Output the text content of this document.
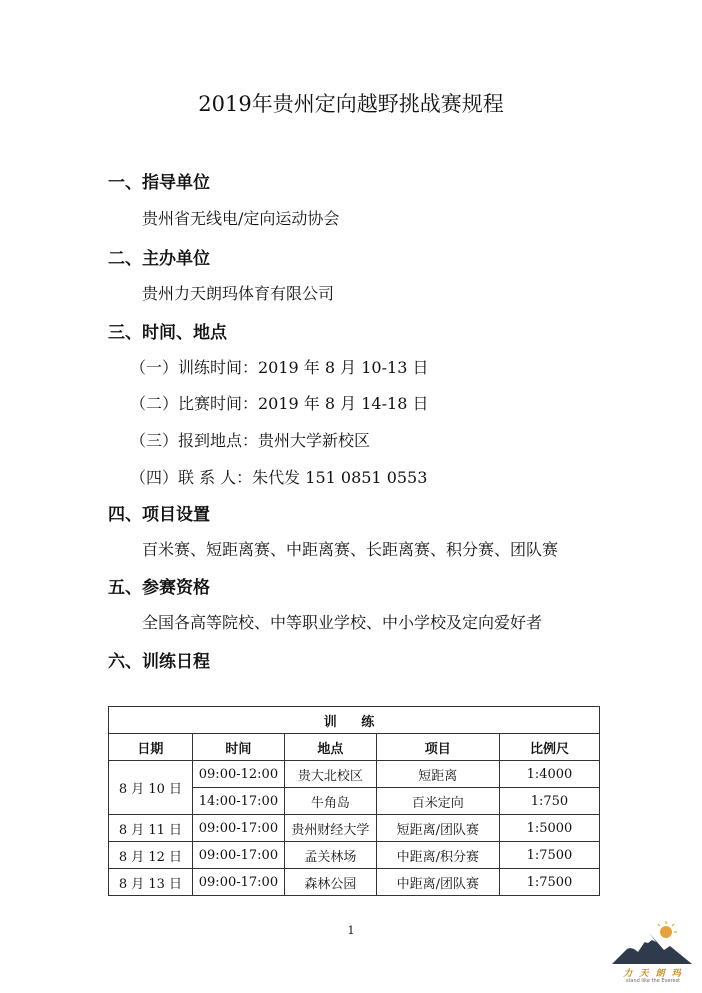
2019年贵州定向越野挑战赛规程
一、指导单位
贵州省无线电/定向运动协会
二、主办单位
贵州力天朗玛体育有限公司
三、时间、地点
（一）训练时间：2019 年 8 月 10-13 日
（二）比赛时间：2019 年 8 月 14-18 日
（三）报到地点：贵州大学新校区
（四）联 系 人：朱代发 151 0851 0553
四、项目设置
百米赛、短距离赛、中距离赛、长距离赛、积分赛、团队赛
五、参赛资格
全国各高等院校、中等职业学校、中小学校及定向爱好者
六、训练日程
训 练				
日期	时间	地点	项目	比例尺
8 月 10 日	09:00-12:00	贵大北校区	短距离	1:4000
	14:00-17:00	牛角岛	百米定向	1:750
8 月 11 日	09:00-17:00	贵州财经大学	短距离/团队赛	1:5000
8 月 12 日	09:00-17:00	孟关林场	中距离/积分赛	1:7500
8 月 13 日	09:00-17:00	森林公园	中距离/团队赛	1:7500
1
力 天 朗 玛
stand like the Everest
